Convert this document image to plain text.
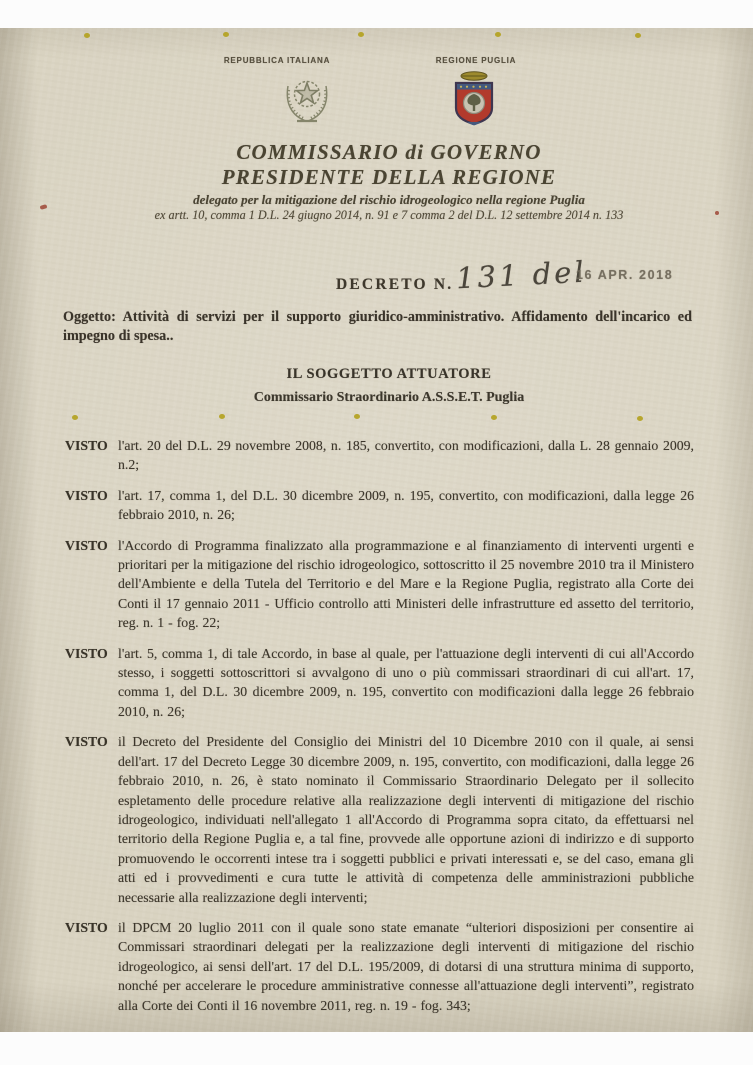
REPUBBLICA ITALIANA	REGIONE PUGLIA
COMMISSARIO di GOVERNO
PRESIDENTE DELLA REGIONE
delegato per la mitigazione del rischio idrogeologico nella regione Puglia
ex artt. 10, comma 1 D.L. 24 giugno 2014, n. 91 e 7 comma 2 del D.L. 12 settembre 2014 n. 133
DECRETO N. 131 del
16 APR. 2018
Oggetto: Attività di servizi per il supporto giuridico-amministrativo. Affidamento dell'incarico ed impegno di spesa..
IL SOGGETTO ATTUATORE
Commissario Straordinario A.S.S.E.T. Puglia
VISTO l'art. 20 del D.L. 29 novembre 2008, n. 185, convertito, con modificazioni, dalla L. 28 gennaio 2009, n.2;
VISTO l'art. 17, comma 1, del D.L. 30 dicembre 2009, n. 195, convertito, con modificazioni, dalla legge 26 febbraio 2010, n. 26;
VISTO l'Accordo di Programma finalizzato alla programmazione e al finanziamento di interventi urgenti e prioritari per la mitigazione del rischio idrogeologico, sottoscritto il 25 novembre 2010 tra il Ministero dell'Ambiente e della Tutela del Territorio e del Mare e la Regione Puglia, registrato alla Corte dei Conti il 17 gennaio 2011 - Ufficio controllo atti Ministeri delle infrastrutture ed assetto del territorio, reg. n. 1 - fog. 22;
VISTO l'art. 5, comma 1, di tale Accordo, in base al quale, per l'attuazione degli interventi di cui all'Accordo stesso, i soggetti sottoscrittori si avvalgono di uno o più commissari straordinari di cui all'art. 17, comma 1, del D.L. 30 dicembre 2009, n. 195, convertito con modificazioni dalla legge 26 febbraio 2010, n. 26;
VISTO il Decreto del Presidente del Consiglio dei Ministri del 10 Dicembre 2010 con il quale, ai sensi dell'art. 17 del Decreto Legge 30 dicembre 2009, n. 195, convertito, con modificazioni, dalla legge 26 febbraio 2010, n. 26, è stato nominato il Commissario Straordinario Delegato per il sollecito espletamento delle procedure relative alla realizzazione degli interventi di mitigazione del rischio idrogeologico, individuati nell'allegato 1 all'Accordo di Programma sopra citato, da effettuarsi nel territorio della Regione Puglia e, a tal fine, provvede alle opportune azioni di indirizzo e di supporto promuovendo le occorrenti intese tra i soggetti pubblici e privati interessati e, se del caso, emana gli atti ed i provvedimenti e cura tutte le attività di competenza delle amministrazioni pubbliche necessarie alla realizzazione degli interventi;
VISTO il DPCM 20 luglio 2011 con il quale sono state emanate “ulteriori disposizioni per consentire ai Commissari straordinari delegati per la realizzazione degli interventi di mitigazione del rischio idrogeologico, ai sensi dell'art. 17 del D.L. 195/2009, di dotarsi di una struttura minima di supporto, nonché per accelerare le procedure amministrative connesse all'attuazione degli interventi”, registrato alla Corte dei Conti il 16 novembre 2011, reg. n. 19 - fog. 343;
